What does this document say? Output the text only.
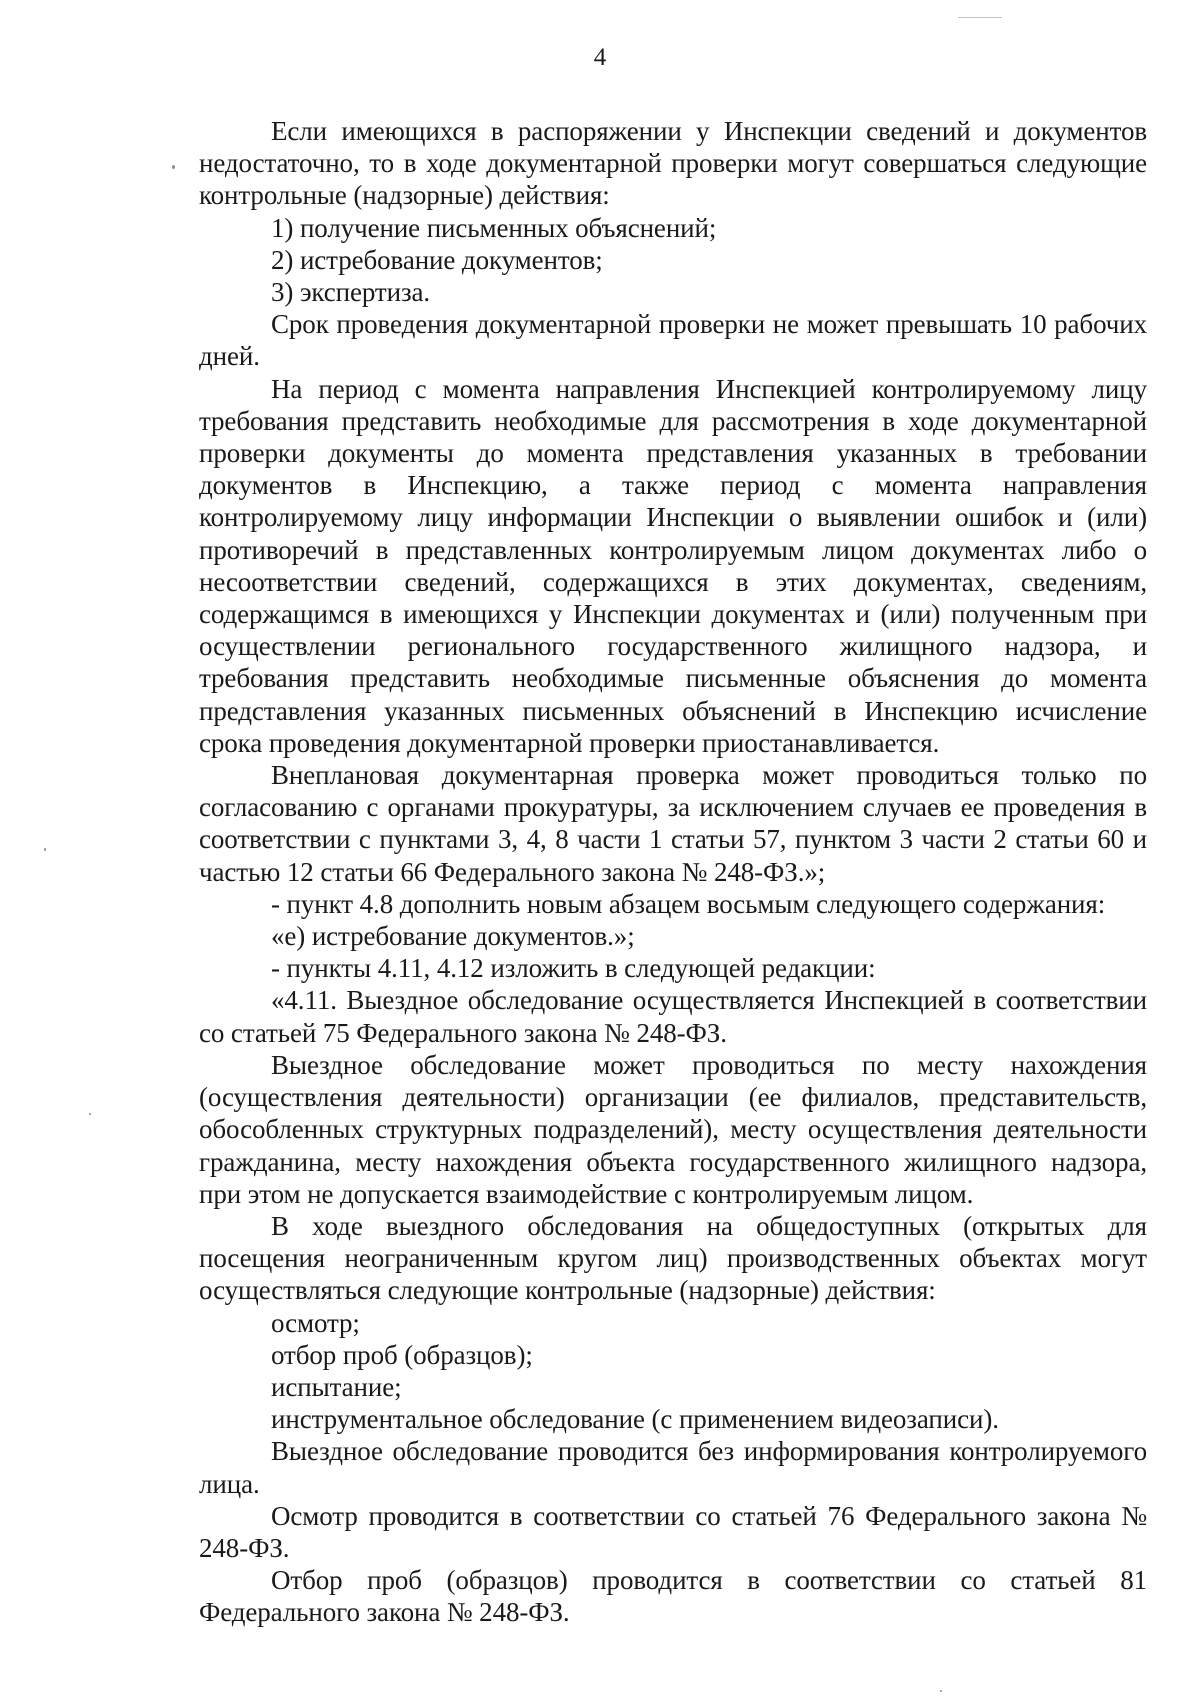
4

Если имеющихся в распоряжении у Инспекции сведений и документов недостаточно, то в ходе документарной проверки могут совершаться следующие контрольные (надзорные) действия:

1) получение письменных объяснений;

2) истребование документов;

3) экспертиза.

Срок проведения документарной проверки не может превышать 10 рабочих дней.

На период с момента направления Инспекцией контролируемому лицу требования представить необходимые для рассмотрения в ходе документарной проверки документы до момента представления указанных в требовании документов в Инспекцию, а также период с момента направления контролируемому лицу информации Инспекции о выявлении ошибок и (или) противоречий в представленных контролируемым лицом документах либо о несоответствии сведений, содержащихся в этих документах, сведениям, содержащимся в имеющихся у Инспекции документах и (или) полученным при осуществлении регионального государственного жилищного надзора, и требования представить необходимые письменные объяснения до момента представления указанных письменных объяснений в Инспекцию исчисление срока проведения документарной проверки приостанавливается.

Внеплановая документарная проверка может проводиться только по согласованию с органами прокуратуры, за исключением случаев ее проведения в соответствии с пунктами 3, 4, 8 части 1 статьи 57, пунктом 3 части 2 статьи 60 и частью 12 статьи 66 Федерального закона № 248-ФЗ.»;

- пункт 4.8 дополнить новым абзацем восьмым следующего содержания:

«е) истребование документов.»;

- пункты 4.11, 4.12 изложить в следующей редакции:

«4.11. Выездное обследование осуществляется Инспекцией в соответствии со статьей 75 Федерального закона № 248-ФЗ.

Выездное обследование может проводиться по месту нахождения (осуществления деятельности) организации (ее филиалов, представительств, обособленных структурных подразделений), месту осуществления деятельности гражданина, месту нахождения объекта государственного жилищного надзора, при этом не допускается взаимодействие с контролируемым лицом.

В ходе выездного обследования на общедоступных (открытых для посещения неограниченным кругом лиц) производственных объектах могут осуществляться следующие контрольные (надзорные) действия:

осмотр;

отбор проб (образцов);

испытание;

инструментальное обследование (с применением видеозаписи).

Выездное обследование проводится без информирования контролируемого лица.

Осмотр проводится в соответствии со статьей 76 Федерального закона № 248-ФЗ.

Отбор проб (образцов) проводится в соответствии со статьей 81 Федерального закона № 248-ФЗ.
